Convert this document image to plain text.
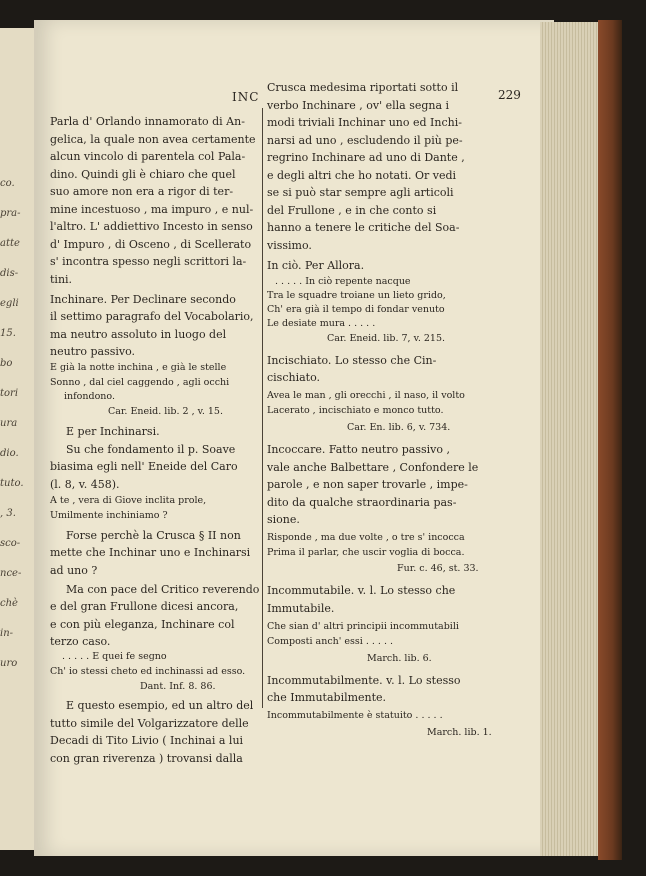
co.
pra-
atte
dis-
egli
15.
bo
tori
ura
dio.
tuto.
, 3.
sco-
nce-
chè
in-
uro
INC	229
Parla d' Orlando innamorato di An-
gelica, la quale non avea certamente
alcun vincolo di parentela col Pala-
dino. Quindi gli è chiaro che quel
suo amore non era a rigor di ter-
mine incestuoso , ma impuro , e nul-
l'altro. L' addiettivo Incesto in senso
d' Impuro , di Osceno , di Scellerato
s' incontra spesso negli scrittori la-
tini.
Inchinare. Per Declinare secondo
il settimo paragrafo del Vocabolario,
ma neutro assoluto in luogo del
neutro passivo.
E già la notte inchina , e già le stelle
Sonno , dal ciel caggendo , agli occhi
infondono.
Car. Eneid. lib. 2 , v. 15.
E per Inchinarsi.
Su che fondamento il p. Soave
biasima egli nell' Eneide del Caro
(l. 8, v. 458).
A te , vera di Giove inclita prole,
Umilmente inchiniamo ?
Forse perchè la Crusca § II non
mette che Inchinar uno e Inchinarsi
ad uno ?
Ma con pace del Critico reverendo
e del gran Frullone dicesi ancora,
e con più eleganza, Inchinare col
terzo caso.
. . . . . E quei fe segno
Ch' io stessi cheto ed inchinassi ad esso.
Dant. Inf. 8. 86.
E questo esempio, ed un altro del
tutto simile del Volgarizzatore delle
Decadi di Tito Livio ( Inchinai a lui
con gran riverenza ) trovansi dalla
Crusca medesima riportati sotto il
verbo Inchinare , ov' ella segna i
modi triviali Inchinar uno ed Inchi-
narsi ad uno , escludendo il più pe-
regrino Inchinare ad uno di Dante ,
e degli altri che ho notati. Or vedi
se si può star sempre agli articoli
del Frullone , e in che conto si
hanno a tenere le critiche del Soa-
vissimo.
In ciò. Per Allora.
. . . . . In ciò repente nacque
Tra le squadre troiane un lieto grido,
Ch' era già il tempo di fondar venuto
Le desiate mura . . . . .
Car. Eneid. lib. 7, v. 215.
Incischiato. Lo stesso che Cin-
cischiato.
Avea le man , gli orecchi , il naso, il volto
Lacerato , incischiato e monco tutto.
Car. En. lib. 6, v. 734.
Incoccare. Fatto neutro passivo ,
vale anche Balbettare , Confondere le
parole , e non saper trovarle , impe-
dito da qualche straordinaria pas-
sione.
Risponde , ma due volte , o tre s' incocca
Prima il parlar, che uscir voglia di bocca.
Fur. c. 46, st. 33.
Incommutabile. v. l. Lo stesso che
Immutabile.
Che sian d' altri principii incommutabili
Composti anch' essi . . . . .
March. lib. 6.
Incommutabilmente. v. l. Lo stesso
che Immutabilmente.
Incommutabilmente è statuito . . . . .
March. lib. 1.
